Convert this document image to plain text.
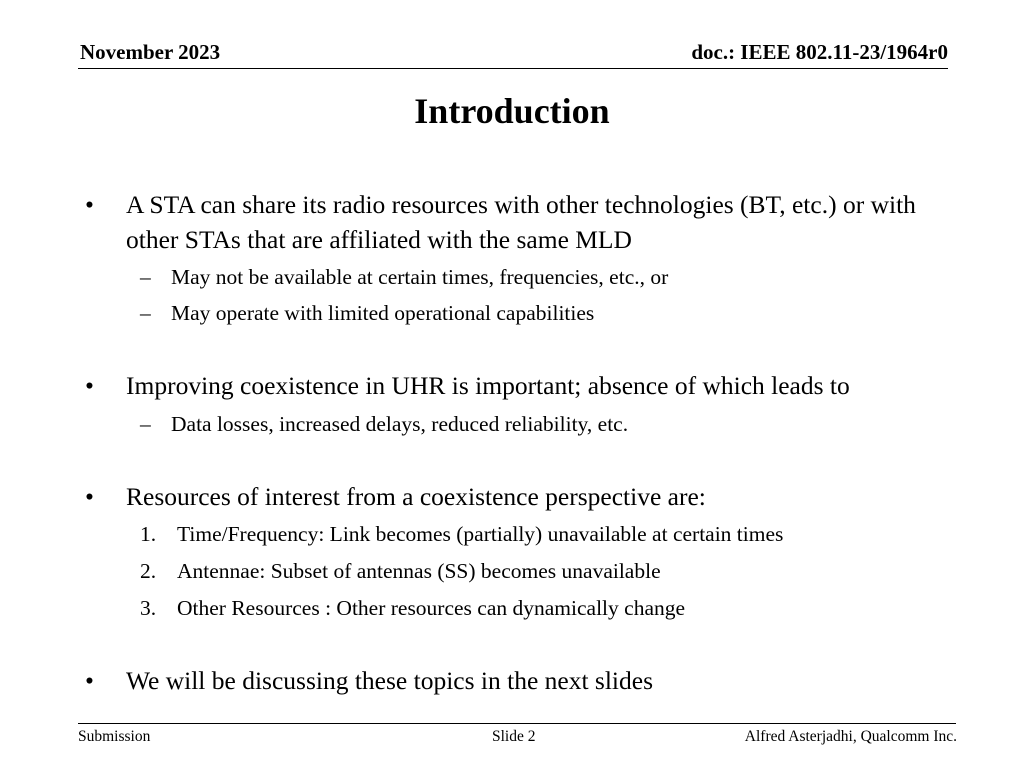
November 2023	doc.: IEEE 802.11-23/1964r0
Introduction
• A STA can share its radio resources with other technologies (BT, etc.) or with other STAs that are affiliated with the same MLD
– May not be available at certain times, frequencies, etc., or
– May operate with limited operational capabilities
• Improving coexistence in UHR is important; absence of which leads to
– Data losses, increased delays, reduced reliability, etc.
• Resources of interest from a coexistence perspective are:
1. Time/Frequency: Link becomes (partially) unavailable at certain times
2. Antennae: Subset of antennas (SS) becomes unavailable
3. Other Resources : Other resources can dynamically change
• We will be discussing these topics in the next slides
Submission	Slide 2	Alfred Asterjadhi, Qualcomm Inc.
